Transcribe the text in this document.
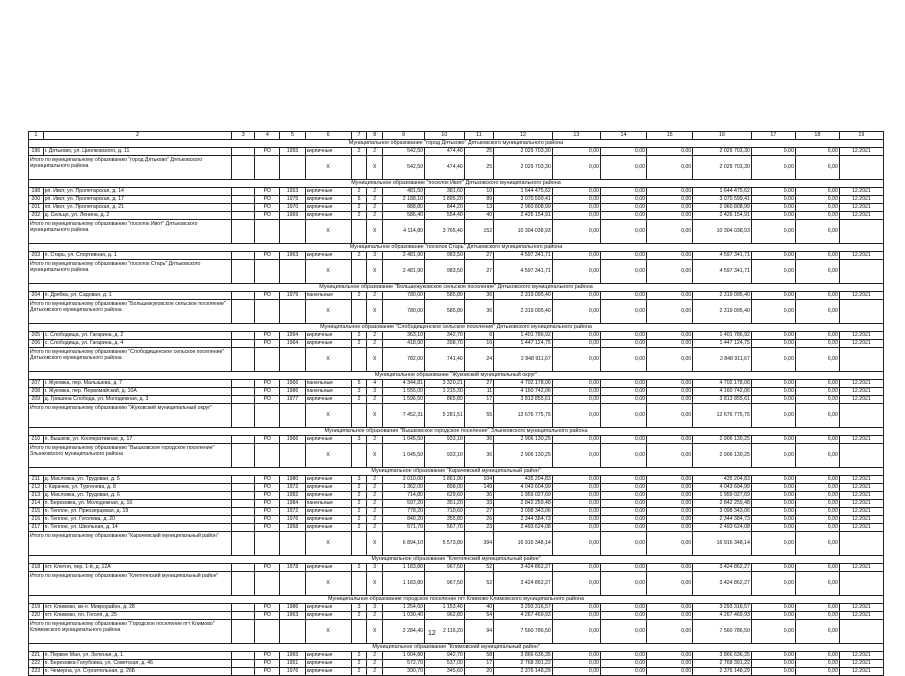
1	2	3	4	5	6	7	8	9	10	11	12	13	14	15	16	17	18	19
Муниципальное образование "город Дятьково" Дятьковского муниципального района																		
196	г. Дятьково, ул. Циолковского, д. 11		РО	1955	кирпичные	2	2	542,50	474,40	25	2 029 703,30	0,00	0,00	0,00	2 029 703,30	0,00	0,00	12.2021
Итого по муниципальному образованию "город Дятьково" Дятьковского муниципального района					X		X	542,50	474,40	25	2 029 703,30	0,00	0,00	0,00	2 029 703,30	0,00	0,00	
Муниципальное образование "поселок Ивот" Дятьковского муниципального района																		
198	рп. Ивот, ул. Пролетарская, д. 14		РО	1953	кирпичные	2	2	481,50	381,60	10	1 644 475,62	0,00	0,00	0,00	1 644 475,62	0,00	0,00	12.2021
200	рп. Ивот, ул. Пролетарская, д. 17		РО	1975	кирпичные	5	2	2 188,10	1 895,20	89	3 070 599,41	0,00	0,00	0,00	3 070 599,41	0,00	0,00	12.2021
201	пп. Ивот, ул. Пролетарская, д. 21		РО	1970	кирпичные	2	2	888,80	844,20	13	2 960 808,99	0,00	0,00	0,00	2 960 808,99	0,00	0,00	12.2021
202	д. Сельцо, ул. Ленина, д. 2		РО	1969	кирпичные	2	2	586,40	554,40	40	2 426 154,91	0,00	0,00	0,00	2 426 154,91	0,00	0,00	12.2021
Итого по муниципальному образованию "поселок Ивот" Дятьковского муниципального района					X		X	4 114,80	3 765,40	152	10 304 038,93	0,00	0,00	0,00	10 304 038,93	0,00	0,00	
Муниципальное образование "поселок Старь" Дятьковского муниципального района																		
203	п. Старь, ул. Спортивная, д. 1		РО	1963	кирпичные	2	3	2 481,90	983,50	27	4 597 341,71	0,00	0,00	0,00	4 597 341,71	0,00	0,00	12.2021
Итого по муниципальному образованию "поселок Старь" Дятьковского муниципального района					X		X	2 481,90	983,50	27	4 597 341,71	0,00	0,00	0,00	4 597 341,71	0,00	0,00	
Муниципальное образование "Большежуковское сельское поселение" Дятьковского муниципального района																		
204	п. Дрябка, ул. Садовая, д. 1		РО	1979	панельные	2	2	780,00	585,80	36	2 319 095,40	0,00	0,00	0,00	2 319 095,40	0,00	0,00	12.2021
Итого по муниципальному образованию "Большежуковское сельское поселение" Дятьковского муниципального района					X		X	780,00	585,80	36	2 319 095,40	0,00	0,00	0,00	2 319 095,40	0,00	0,00	
Муниципальное образование "Слободищенское сельское поселение" Дятьковского муниципального района																		
205	с. Слободища, ул. Гагарина, д. 2		РО	1994	кирпичные	2	2	363,10	342,70	6	1 401 786,92	0,00	0,00	0,00	1 401 786,92	0,00	0,00	12.2021
206	с. Слободища, ул. Гагарина, д. 4		РО	1964	кирпичные	2	2	418,90	398,70	16	1 447 124,75	0,00	0,00	0,00	1 447 124,75	0,00	0,00	12.2021
Итого по муниципальному образованию "Слободищенское сельское поселение" Дятьковского муниципального района					X		X	782,00	741,40	24	2 848 911,67	0,00	0,00	0,00	2 848 911,67	0,00	0,00	
Муниципальное образование "Жуковский муниципальный округ"																		
207	г. Жуковка, пер. Малышева, д. 7		РО	1966	панельные	5	4	4 344,81	3 320,21	27	4 702 178,06	0,00	0,00	0,00	4 702 178,06	0,00	0,00	12.2021
208	г. Жуковка, пер. Первомайский, д. 10А		РО	1986	панельные	3	3	1 555,00	1 215,30	11	4 160 742,06	0,00	0,00	0,00	4 160 742,06	0,00	0,00	12.2021
209	д. Гришина Слобода, ул. Молодежная, д. 3		РО	1977	кирпичные	2	2	1 596,50	865,80	17	3 813 855,61	0,00	0,00	0,00	3 813 855,61	0,00	0,00	12.2021
Итого по муниципальному образованию "Жуковский муниципальный округ"					X		X	7 452,31	5 281,51	55	12 676 775,75	0,00	0,00	0,00	12 676 775,75	0,00	0,00	
Муниципальное образование "Вышковское городское поселение" Злынковского муниципального района																		
210	п. Вышков, ул. Кооперативная, д. 17		РО	1966	кирпичные	3	2	1 045,50	933,10	36	2 906 130,25	0,00	0,00	0,00	2 906 130,25	0,00	0,00	12.2021
Итого по муниципальному образованию "Вышковское городское поселение" Злынковского муниципального района					X		X	1 045,50	933,10	36	2 906 130,25	0,00	0,00	0,00	2 906 130,25	0,00	0,00	
Муниципальное образование "Карачевский муниципальный район"																		
211	д. Масловка, ул. Трудовая, д. 5		РО	1980	кирпичные	3	2	2 010,00	1 861,90	104	435 204,83	0,00	0,00	0,00	435 204,83	0,00	0,00	12.2021
212	г. Карачев, ул. Тургенева, д. 8		РО	1972	кирпичные	2	2	1 362,00	898,00	149	4 043 604,99	0,00	0,00	0,00	4 043 604,99	0,00	0,00	12.2021
213	д. Масловка, ул. Трудовая, д. 6		РО	1982	кирпичные	2	2	714,80	629,60	36	1 959 027,69	0,00	0,00	0,00	1 959 027,69	0,00	0,00	12.2021
214	п. Березовка, ул. Молодежная, д. 16		РО	1984	панельные	2	2	597,20	351,20	33	2 842 259,48	0,00	0,00	0,00	2 842 259,48	0,00	0,00	12.2021
215	п. Теплое, ул. Приозерцевая, д. 19		РО	1972	кирпичные	2	2	778,20	710,60	27	3 098 343,06	0,00	0,00	0,00	3 098 343,06	0,00	0,00	12.2021
216	п. Теплое, ул. Гоголева, д. 20		РО	1976	кирпичные	2	2	840,20	355,80	26	2 344 384,73	0,00	0,00	0,00	2 344 384,73	0,00	0,00	12.2021
217	п. Теплое, ул. Школьная, д. 14		РО	1958	кирпичные	2	2	571,70	567,70	23	2 493 624,08	0,00	0,00	0,00	2 493 624,08	0,00	0,00	12.2021
Итого по муниципальному образованию "Карачевский муниципальный район"					X		X	6 894,10	5 573,80	394	16 916 348,14	0,00	0,00	0,00	16 916 348,14	0,00	0,00	
Муниципальное образование "Клетнянский муниципальный район"																		
218	пгт. Клетня, пер. 1-й, д. 12А		РО	1978	кирпичные	2	3	1 183,80	967,50	52	3 424 862,27	0,00	0,00	0,00	3 424 862,27	0,00	0,00	12.2021
Итого по муниципальному образованию "Клетнянский муниципальный район"					X		X	1 183,80	967,50	52	3 424 862,27	0,00	0,00	0,00	3 424 862,27	0,00	0,00	
Муниципальное образование городское поселение пгт Климово Климовского муниципального района																		
219	пгт. Климово, кв-л. Микрорайон, д. 28		РО	1986	кирпичные	3	3	1 254,60	1 153,40	40	3 293 316,57	0,00	0,00	0,00	3 293 316,57	0,00	0,00	12.2021
220	пгт. Климово, пл. Гоголя, д. 25		РО	1963	кирпичные	2	2	1 030,40	962,80	54	4 267 469,93	0,00	0,00	0,00	4 267 469,93	0,00	0,00	12.2021
Итого по муниципальному образованию "Городское поселение пгт Климово" Климовского муниципального района					X		X	2 284,40	2 116,20	94	7 560 786,50	0,00	0,00	0,00	7 560 786,50	0,00	0,00	
Муниципальное образование "Климовский муниципальный район"																		
221	п. Первое Мая, ул. Зеленая, д. 1		РО	1965	кирпичные	2	2	1 004,80	942,70	58	3 866 636,35	0,00	0,00	0,00	3 866 636,35	0,00	0,00	12.2021
222	п. Березовка-Голубовка, ул. Советская, д. 46		РО	1951	кирпичные	2	2	572,70	537,00	17	2 768 391,22	0,00	0,00	0,00	2 768 391,22	0,00	0,00	12.2021
223	п. Чемерна, ул. Строительная, д. 26Б		РО	1976	кирпичные	2	2	390,70	345,60	20	2 376 148,29	0,00	0,00	0,00	2 376 148,29	0,00	0,00	12.2021
12
